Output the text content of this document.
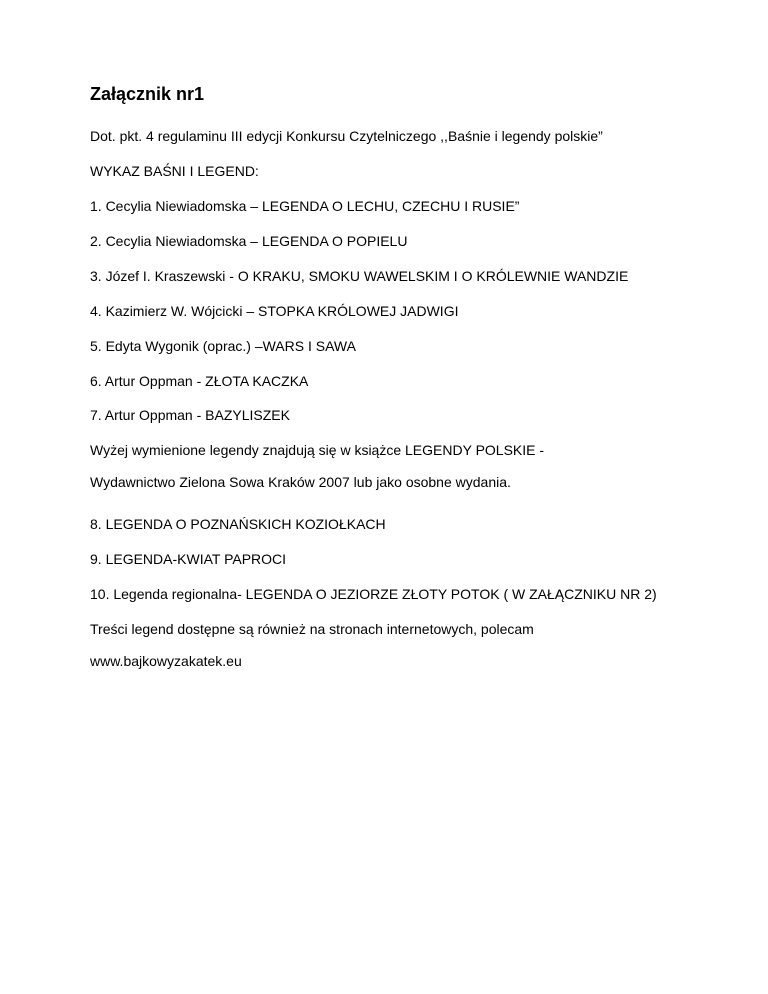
Załącznik nr1
Dot. pkt. 4 regulaminu III edycji Konkursu Czytelniczego ,,Baśnie i legendy polskie”
WYKAZ BAŚNI I LEGEND:
1. Cecylia Niewiadomska – LEGENDA O LECHU, CZECHU I RUSIE”
2. Cecylia Niewiadomska – LEGENDA O POPIELU
3. Józef I. Kraszewski - O KRAKU, SMOKU WAWELSKIM I O KRÓLEWNIE WANDZIE
4. Kazimierz W. Wójcicki – STOPKA KRÓLOWEJ JADWIGI
5. Edyta Wygonik (oprac.) –WARS I SAWA
6. Artur Oppman - ZŁOTA KACZKA
7. Artur Oppman - BAZYLISZEK
Wyżej wymienione legendy znajdują się w książce LEGENDY POLSKIE -
Wydawnictwo Zielona Sowa Kraków 2007 lub jako osobne wydania.
8. LEGENDA O POZNAŃSKICH KOZIOŁKACH
9. LEGENDA-KWIAT PAPROCI
10. Legenda regionalna- LEGENDA O JEZIORZE ZŁOTY POTOK ( W ZAŁĄCZNIKU NR 2)
Treści legend dostępne są również na stronach internetowych, polecam
www.bajkowyzakatek.eu
